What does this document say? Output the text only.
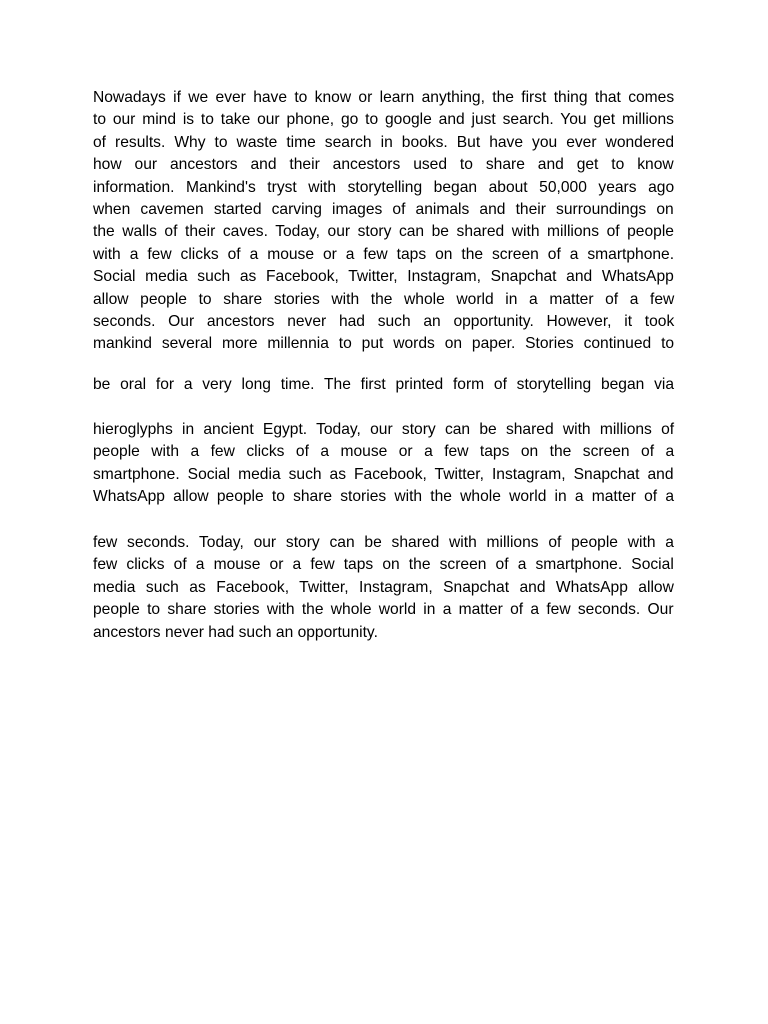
Nowadays if we ever have to know or learn anything, the first thing that comes
to our mind is to take our phone, go to google and just search. You get millions
of results. Why to waste time search in books. But have you ever wondered
how our ancestors and their ancestors used to share and get to know
information. Mankind's tryst with storytelling began about 50,000 years ago
when cavemen started carving images of animals and their surroundings on
the walls of their caves. Today, our story can be shared with millions of people
with a few clicks of a mouse or a few taps on the screen of a smartphone.
Social media such as Facebook, Twitter, Instagram, Snapchat and WhatsApp
allow people to share stories with the whole world in a matter of a few
seconds. Our ancestors never had such an opportunity. However, it took
mankind several more millennia to put words on paper. Stories continued to
be oral for a very long time. The first printed form of storytelling began via
hieroglyphs in ancient Egypt. Today, our story can be shared with millions of
people with a few clicks of a mouse or a few taps on the screen of a
smartphone. Social media such as Facebook, Twitter, Instagram, Snapchat and
WhatsApp allow people to share stories with the whole world in a matter of a
few seconds. Today, our story can be shared with millions of people with a
few clicks of a mouse or a few taps on the screen of a smartphone. Social
media such as Facebook, Twitter, Instagram, Snapchat and WhatsApp allow
people to share stories with the whole world in a matter of a few seconds. Our
ancestors never had such an opportunity.
